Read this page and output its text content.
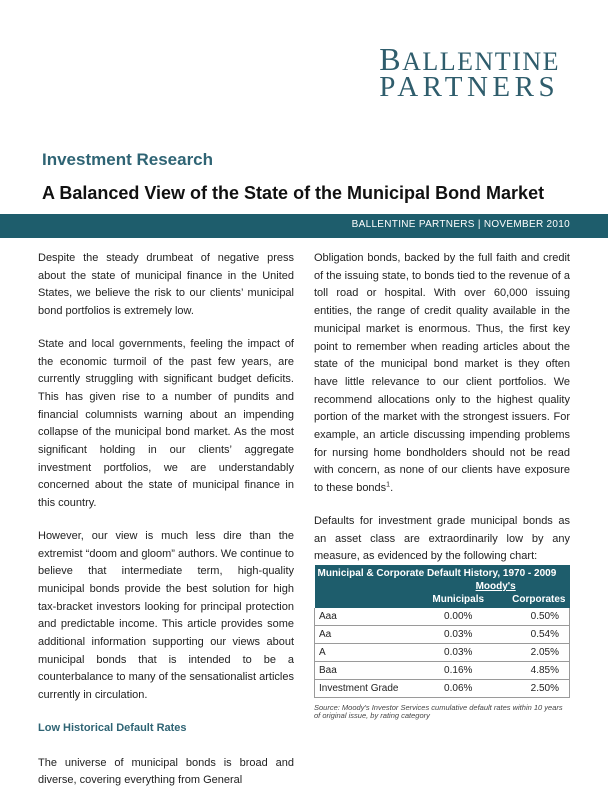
BALLENTINE
PARTNERS
Investment Research
A Balanced View of the State of the Municipal Bond Market
BALLENTINE PARTNERS | NOVEMBER 2010

Despite the steady drumbeat of negative press about the state of municipal finance in the United States, we believe the risk to our clients’ municipal bond portfolios is extremely low.

State and local governments, feeling the impact of the economic turmoil of the past few years, are currently struggling with significant budget deficits. This has given rise to a number of pundits and financial columnists warning about an impending collapse of the municipal bond market. As the most significant holding in our clients’ aggregate investment portfolios, we are understandably concerned about the state of municipal finance in this country.

However, our view is much less dire than the extremist “doom and gloom” authors. We continue to believe that intermediate term, high-quality municipal bonds provide the best solution for high tax-bracket investors looking for principal protection and predictable income. This article provides some additional information supporting our views about municipal bonds that is intended to be a counterbalance to many of the sensationalist articles currently in circulation.

Low Historical Default Rates

The universe of municipal bonds is broad and diverse, covering everything from General

Obligation bonds, backed by the full faith and credit of the issuing state, to bonds tied to the revenue of a toll road or hospital. With over 60,000 issuing entities, the range of credit quality available in the municipal market is enormous. Thus, the first key point to remember when reading articles about the state of the municipal bond market is they often have little relevance to our client portfolios. We recommend allocations only to the highest quality portion of the market with the strongest issuers. For example, an article discussing impending problems for nursing home bondholders should not be read with concern, as none of our clients have exposure to these bonds$^1$.

Defaults for investment grade municipal bonds as an asset class are extraordinarily low by any measure, as evidenced by the following chart:

Municipal & Corporate Default History, 1970 - 2009		
	Moody's	
	Municipals	Corporates
Aaa	0.00%	0.50%
Aa	0.03%	0.54%
A	0.03%	2.05%
Baa	0.16%	4.85%
Investment Grade	0.06%	2.50%
Source: Moody's Investor Services cumulative default rates within 10 years of original issue, by rating category
